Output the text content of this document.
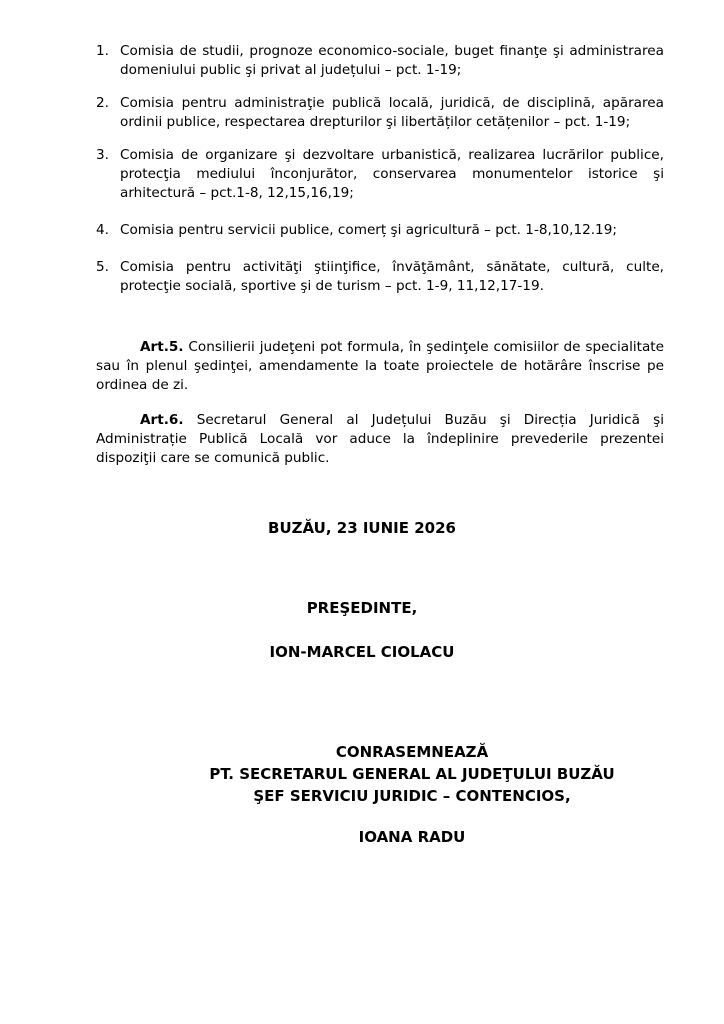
1. Comisia de studii, prognoze economico-sociale, buget finanţe şi administrarea domeniului public şi privat al județului – pct. 1-19;
2. Comisia pentru administraţie publică locală, juridică, de disciplină, apărarea ordinii publice, respectarea drepturilor şi libertăților cetățenilor – pct. 1-19;
3. Comisia de organizare şi dezvoltare urbanistică, realizarea lucrărilor publice, protecţia mediului înconjurător, conservarea monumentelor istorice şi arhitectură – pct.1-8, 12,15,16,19;
4. Comisia pentru servicii publice, comerț şi agricultură – pct. 1-8,10,12.19;
5. Comisia pentru activităţi ştiinţifice, învăţământ, sănătate, cultură, culte, protecţie socială, sportive şi de turism – pct. 1-9, 11,12,17-19.

Art.5. Consilierii judeţeni pot formula, în şedinţele comisiilor de specialitate sau în plenul şedinţei, amendamente la toate proiectele de hotărâre înscrise pe ordinea de zi.

Art.6. Secretarul General al Județului Buzău şi Direcția Juridică şi Administrație Publică Locală vor aduce la îndeplinire prevederile prezentei dispoziţii care se comunică public.

BUZĂU, 23 IUNIE 2026

PREŞEDINTE,

ION-MARCEL CIOLACU

CONRASEMNEAZĂ
PT. SECRETARUL GENERAL AL JUDEŢULUI BUZĂU
ŞEF SERVICIU JURIDIC – CONTENCIOS,

IOANA RADU
